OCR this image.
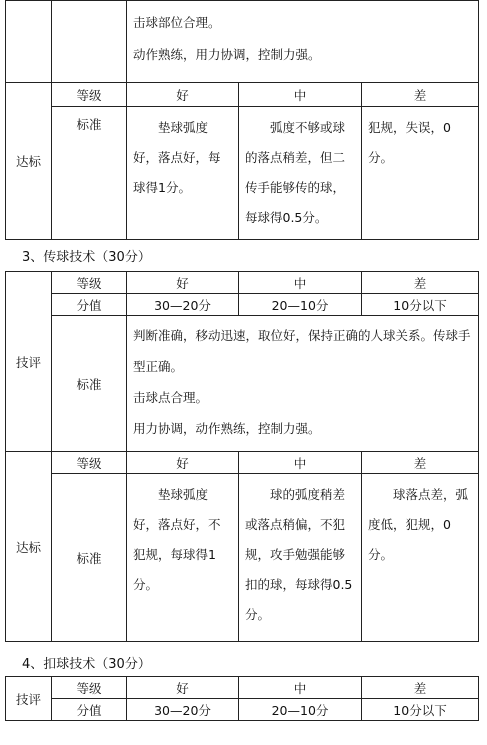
		击球部位合理。
动作熟练，用力协调，控制力强。		

达标	等级	好	中	差
	标准	垫球弧度好，落点好，每球得1分。	弧度不够或球的落点稍差，但二传手能够传的球，每球得0.5分。	犯规，失误，0分。
3、传球技术（30分）
技评	等级	好	中	差
	分值	30—20分	20—10分	10分以下
	标准	判断准确，移动迅速，取位好，保持正确的人球关系。传球手型正确。
击球点合理。
用力协调，动作熟练，控制力强。		
达标	等级	好	中	差
	标准	垫球弧度好，落点好，不犯规，每球得1分。	球的弧度稍差或落点稍偏，不犯规，攻手勉强能够扣的球，每球得0.5分。	球落点差，弧度低，犯规，0分。
4、扣球技术（30分）
技评	等级	好	中	差
	分值	30—20分	20—10分	10分以下
